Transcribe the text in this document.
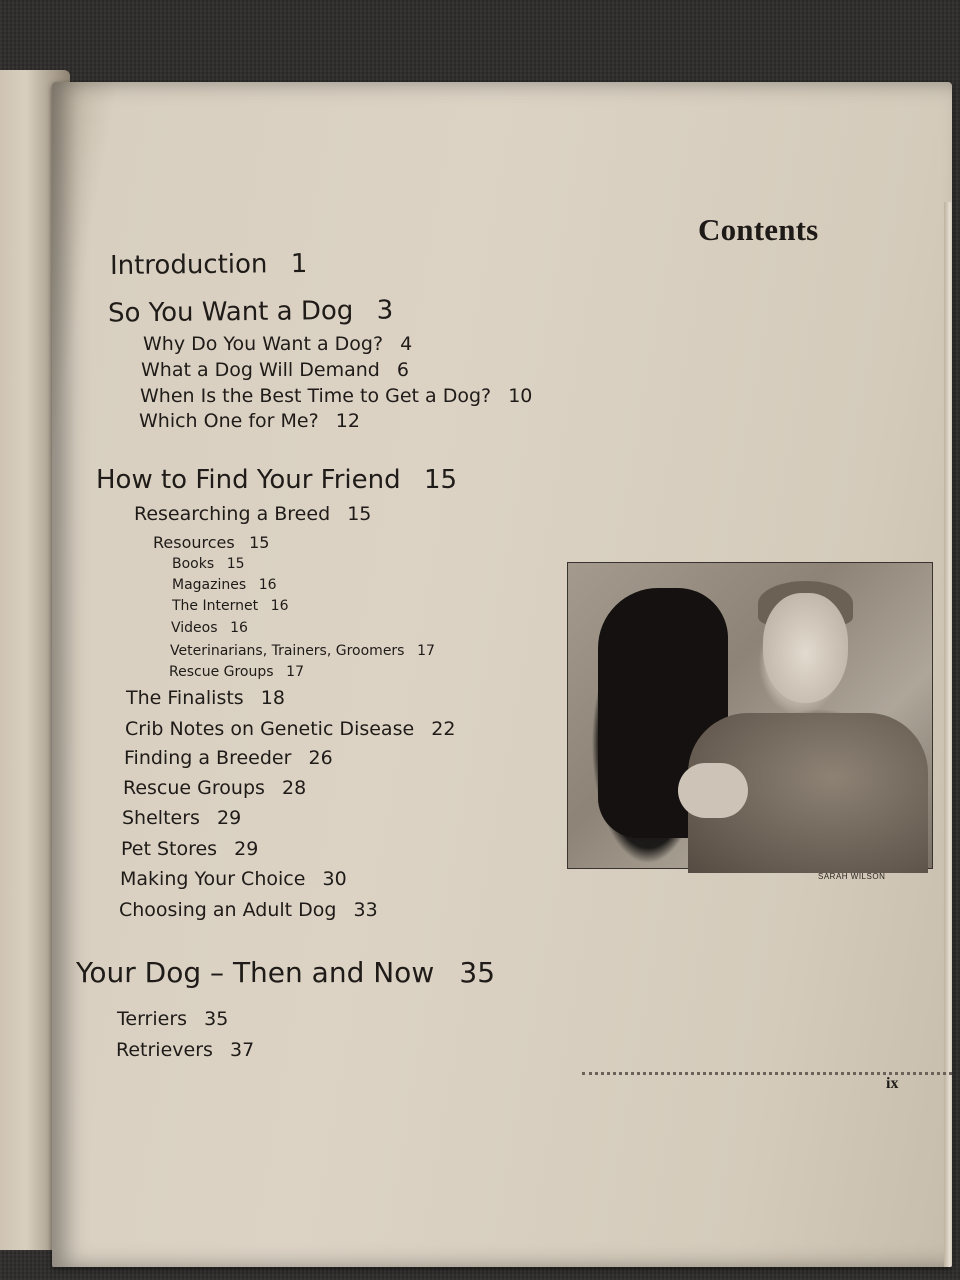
Contents
Introduction 1
So You Want a Dog 3
Why Do You Want a Dog? 4
What a Dog Will Demand 6
When Is the Best Time to Get a Dog? 10
Which One for Me? 12
How to Find Your Friend 15
Researching a Breed 15
Resources 15
Books 15
Magazines 16
The Internet 16
Videos 16
Veterinarians, Trainers, Groomers 17
Rescue Groups 17
The Finalists 18
Crib Notes on Genetic Disease 22
Finding a Breeder 26
Rescue Groups 28
Shelters 29
Pet Stores 29
Making Your Choice 30
Choosing an Adult Dog 33
Your Dog – Then and Now 35
Terriers 35
Retrievers 37
SARAH WILSON
ix
